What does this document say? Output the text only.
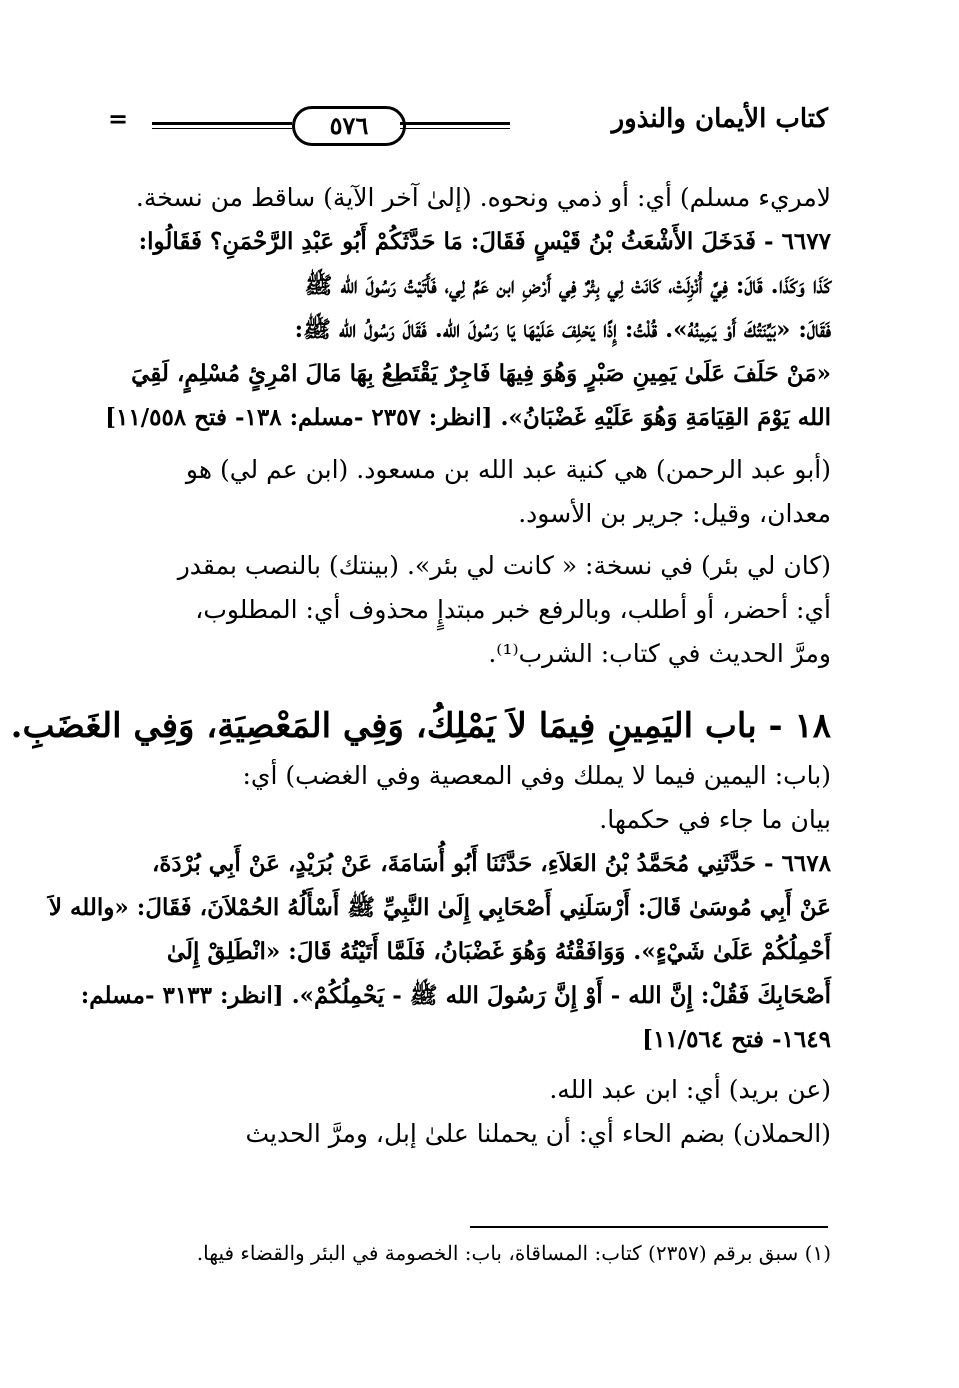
كتاب الأيمان والنذور
٥٧٦
=
لامريء مسلم) أي: أو ذمي ونحوه. (إلىٰ آخر الآية) ساقط من نسخة.
٦٦٧٧ - فَدَخَلَ الأَشْعَثُ بْنُ قَيْسٍ فَقَالَ: مَا حَدَّثَكُمْ أَبُو عَبْدِ الرَّحْمَنِ؟ فَقَالُوا:
كَذَا وَكَذَا. قَالَ: فِيَّ أُنْزِلَتْ، كَانَتْ لِي بِئْرٌ فِي أَرْضِ ابن عَمٍّ لِي، فَأَتَيْتُ رَسُولَ الله ﷺ
فَقَالَ: «بَيِّنَتُكَ أَوْ يَمِينُهُ». قُلْتُ: إِذًا يَحْلِفَ عَلَيْهَا يَا رَسُولَ الله. فَقَالَ رَسُولُ الله ﷺ:
«مَنْ حَلَفَ عَلَىٰ يَمِينِ صَبْرٍ وَهُوَ فِيهَا فَاجِرٌ يَقْتَطِعُ بِهَا مَالَ امْرِئٍ مُسْلِمٍ، لَقِيَ
الله يَوْمَ القِيَامَةِ وَهُوَ عَلَيْهِ غَضْبَانُ». [انظر: ٢٣٥٧ -مسلم: ١٣٨- فتح ١١/٥٥٨]
(أبو عبد الرحمن) هي كنية عبد الله بن مسعود. (ابن عم لي) هو
معدان، وقيل: جرير بن الأسود.
(كان لي بئر) في نسخة: « كانت لي بئر». (بينتك) بالنصب بمقدر
أي: أحضر، أو أطلب، وبالرفع خبر مبتدإٍ محذوف أي: المطلوب،
ومرَّ الحديث في كتاب: الشرب⁽¹⁾.
١٨ - باب اليَمِينِ فِيمَا لاَ يَمْلِكُ، وَفِي المَعْصِيَةِ، وَفِي الغَضَبِ.
(باب: اليمين فيما لا يملك وفي المعصية وفي الغضب) أي:
بيان ما جاء في حكمها.
٦٦٧٨ - حَدَّثَنِي مُحَمَّدُ بْنُ العَلاَءِ، حَدَّثَنَا أَبُو أُسَامَةَ، عَنْ بُرَيْدٍ، عَنْ أَبِي بُرْدَةَ،
عَنْ أَبِي مُوسَىٰ قَالَ: أَرْسَلَنِي أَصْحَابِي إِلَىٰ النَّبِيِّ ﷺ أَسْأَلُهُ الحُمْلاَنَ، فَقَالَ: «والله لاَ
أَحْمِلُكُمْ عَلَىٰ شَيْءٍ». وَوَافَقْتُهُ وَهُوَ غَضْبَانُ، فَلَمَّا أَتَيْتُهُ قَالَ: «انْطَلِقْ إِلَىٰ
أَصْحَابِكَ فَقُلْ: إِنَّ الله - أَوْ إِنَّ رَسُولَ الله ﷺ - يَحْمِلُكُمْ». [انظر: ٣١٣٣ -مسلم:
١٦٤٩- فتح ١١/٥٦٤]
(عن بريد) أي: ابن عبد الله.
(الحملان) بضم الحاء أي: أن يحملنا علىٰ إبل، ومرَّ الحديث
(١) سبق برقم (٢٣٥٧) كتاب: المساقاة، باب: الخصومة في البئر والقضاء فيها.
